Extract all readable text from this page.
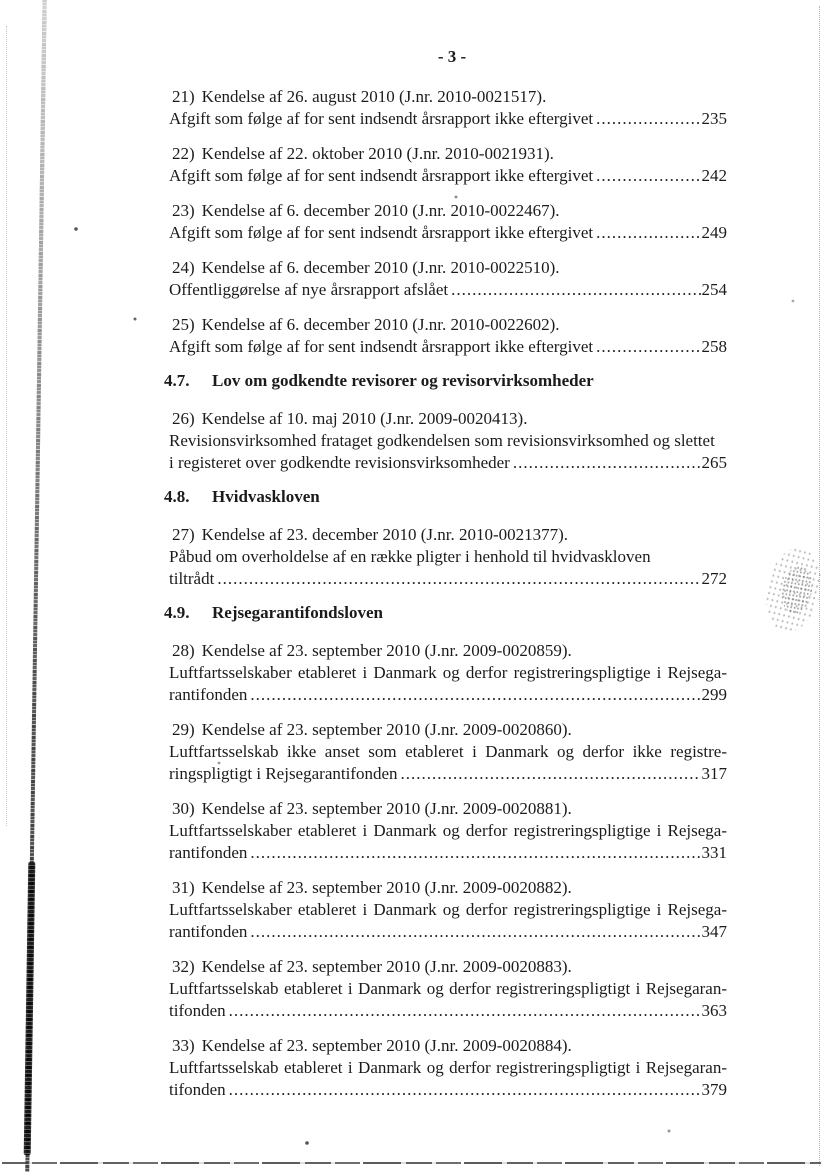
- 3 -
21) Kendelse af 26. august 2010 (J.nr. 2010-0021517).
Afgift som følge af for sent indsendt årsrapport ikke eftergivet .....	235
22) Kendelse af 22. oktober 2010 (J.nr. 2010-0021931).
Afgift som følge af for sent indsendt årsrapport ikke eftergivet .....	242
23) Kendelse af 6. december 2010 (J.nr. 2010-0022467).
Afgift som følge af for sent indsendt årsrapport ikke eftergivet .....	249
24) Kendelse af 6. december 2010 (J.nr. 2010-0022510).
Offentliggørelse af nye årsrapport afslået .....	254
25) Kendelse af 6. december 2010 (J.nr. 2010-0022602).
Afgift som følge af for sent indsendt årsrapport ikke eftergivet .....	258
4.7. Lov om godkendte revisorer og revisorvirksomheder
26) Kendelse af 10. maj 2010 (J.nr. 2009-0020413).
Revisionsvirksomhed frataget godkendelsen som revisionsvirksomhed og slettet
i registeret over godkendte revisionsvirksomheder .....	265
4.8. Hvidvaskloven
27) Kendelse af 23. december 2010 (J.nr. 2010-0021377).
Påbud om overholdelse af en række pligter i henhold til hvidvaskloven
tiltrådt .....	272
4.9. Rejsegarantifondsloven
28) Kendelse af 23. september 2010 (J.nr. 2009-0020859).
Luftfartsselskaber etableret i Danmark og derfor registreringspligtige i Rejsega-
rantifonden .....	299
29) Kendelse af 23. september 2010 (J.nr. 2009-0020860).
Luftfartsselskab ikke anset som etableret i Danmark og derfor ikke registre-
ringspligtigt i Rejsegarantifonden .....	317
30) Kendelse af 23. september 2010 (J.nr. 2009-0020881).
Luftfartsselskaber etableret i Danmark og derfor registreringspligtige i Rejsega-
rantifonden .....	331
31) Kendelse af 23. september 2010 (J.nr. 2009-0020882).
Luftfartsselskaber etableret i Danmark og derfor registreringspligtige i Rejsega-
rantifonden .....	347
32) Kendelse af 23. september 2010 (J.nr. 2009-0020883).
Luftfartsselskab etableret i Danmark og derfor registreringspligtigt i Rejsegaran-
tifonden .....	363
33) Kendelse af 23. september 2010 (J.nr. 2009-0020884).
Luftfartsselskab etableret i Danmark og derfor registreringspligtigt i Rejsegaran-
tifonden .....	379
